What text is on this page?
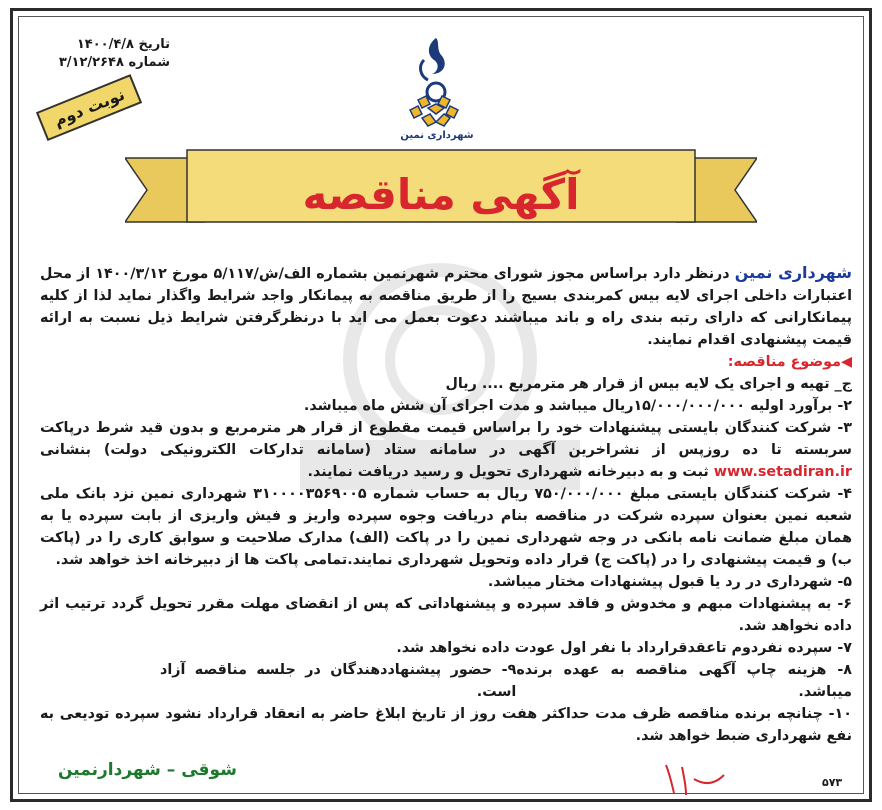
تاریخ ۱۴۰۰/۴/۸
شماره ۳/۱۲/۲۶۴۸
نوبت دوم
شهرداری نمین
آگهی مناقصه

شهرداری نمین درنظر دارد براساس مجوز شورای محترم شهرنمین بشماره الف/ش/۵/۱۱۷ مورخ ۱۴۰۰/۳/۱۲ از محل اعتبارات داخلی اجرای لایه بیس کمربندی بسیج را از طریق مناقصه به پیمانکار واجد شرایط واگذار نماید لذا از کلیه پیمانکارانی که دارای رتبه بندی راه و باند میباشند دعوت بعمل می اید با درنظرگرفتن شرایط ذیل نسبت به ارائه قیمت پیشنهادی اقدام نمایند.

◀موضوع مناقصه:

ج_ تهیه و اجرای یک لایه بیس از قرار هر مترمربع .... ریال

۲- برآورد اولیه ۱۵/۰۰۰/۰۰۰/۰۰۰ریال میباشد و مدت اجرای آن شش ماه میباشد.

۳- شرکت کنندگان بایستی پیشنهادات خود را براساس قیمت مقطوع از قرار هر مترمربع و بدون قید شرط درپاکت سربسته تا ده روزپس از نشراخرین آگهی در سامانه ستاد (سامانه تدارکات الکترونیکی دولت) بنشانی www.setadiran.ir ثبت و به دبیرخانه شهرداری تحویل و رسید دریافت نمایند.

۴- شرکت کنندگان بایستی مبلغ ۷۵۰/۰۰۰/۰۰۰ ریال به حساب شماره ۳۱۰۰۰۰۳۵۶۹۰۰۵ شهرداری نمین نزد بانک ملی شعبه نمین بعنوان سپرده شرکت در مناقصه بنام دریافت وجوه سپرده واریز و فیش واریزی از بابت سپرده یا به همان مبلغ ضمانت نامه بانکی در وجه شهرداری نمین را در پاکت (الف) مدارک صلاحیت و سوابق کاری را در (پاکت ب) و قیمت پیشنهادی را در (پاکت ج) قرار داده وتحویل شهرداری نمایند.تمامی پاکت ها از دبیرخانه اخذ خواهد شد.

۵- شهرداری در رد یا قبول پیشنهادات مختار میباشد.

۶- به پیشنهادات مبهم و مخدوش و فاقد سپرده و پیشنهاداتی که پس از انقضای مهلت مقرر تحویل گردد ترتیب اثر داده نخواهد شد.

۷- سپرده نفردوم تاعقدقرارداد با نفر اول عودت داده نخواهد شد.

۸- هزینه چاپ آگهی مناقصه به عهده برنده میباشد.
۹- حضور پیشنهاددهندگان در جلسه مناقصه آزاد است.

۱۰- چنانچه برنده مناقصه ظرف مدت حداکثر هفت روز از تاریخ ابلاغ حاضر به انعقاد قرارداد نشود سپرده تودیعی به نفع شهرداری ضبط خواهد شد.

شوقی – شهردارنمین
۵۷۳
